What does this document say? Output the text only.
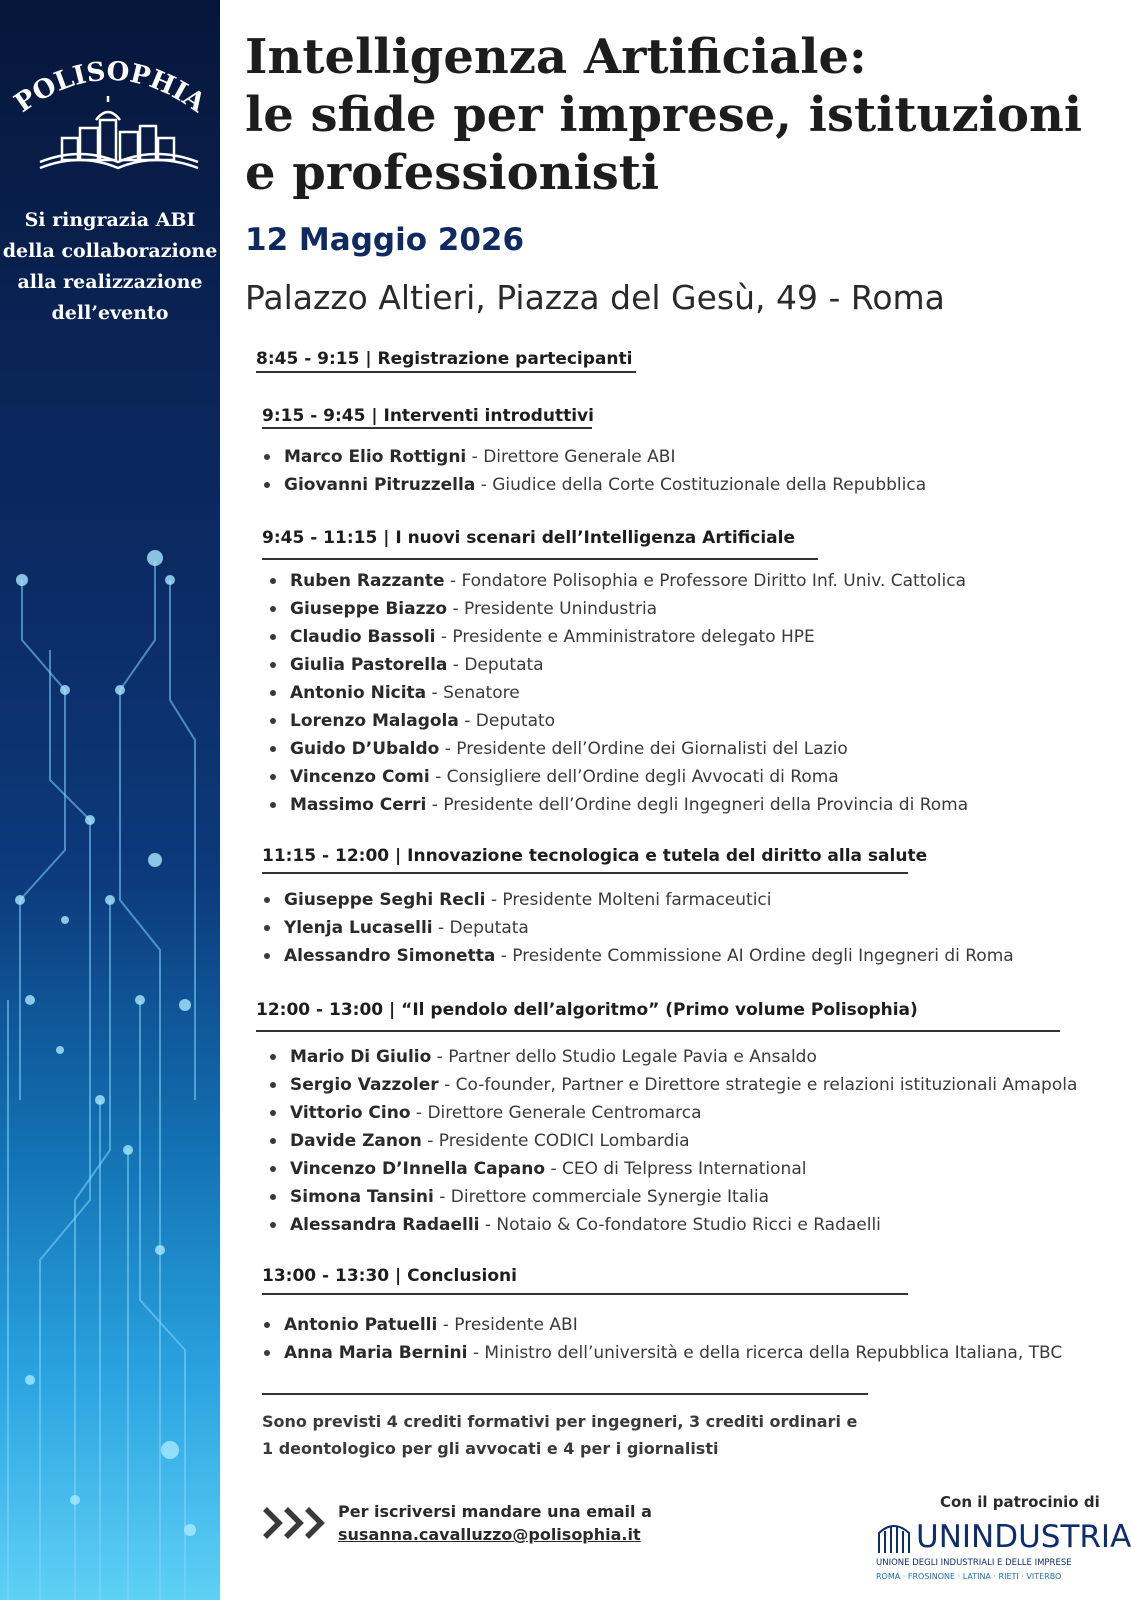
POLISOPHIA
Si ringrazia ABI
della collaborazione
alla realizzazione
dell’evento
Intelligenza Artificiale:
le sfide per imprese, istituzioni
e professionisti
12 Maggio 2026
Palazzo Altieri, Piazza del Gesù, 49 - Roma
8:45 - 9:15 | Registrazione partecipanti
9:15 - 9:45 | Interventi introduttivi
Marco Elio Rottigni - Direttore Generale ABI
Giovanni Pitruzzella - Giudice della Corte Costituzionale della Repubblica
9:45 - 11:15 | I nuovi scenari dell’Intelligenza Artificiale
Ruben Razzante - Fondatore Polisophia e Professore Diritto Inf. Univ. Cattolica
Giuseppe Biazzo - Presidente Unindustria
Claudio Bassoli - Presidente e Amministratore delegato HPE
Giulia Pastorella - Deputata
Antonio Nicita - Senatore
Lorenzo Malagola - Deputato
Guido D’Ubaldo - Presidente dell’Ordine dei Giornalisti del Lazio
Vincenzo Comi - Consigliere dell’Ordine degli Avvocati di Roma
Massimo Cerri - Presidente dell’Ordine degli Ingegneri della Provincia di Roma
11:15 - 12:00 | Innovazione tecnologica e tutela del diritto alla salute
Giuseppe Seghi Recli - Presidente Molteni farmaceutici
Ylenja Lucaselli - Deputata
Alessandro Simonetta - Presidente Commissione AI Ordine degli Ingegneri di Roma
12:00 - 13:00 | “Il pendolo dell’algoritmo” (Primo volume Polisophia)
Mario Di Giulio - Partner dello Studio Legale Pavia e Ansaldo
Sergio Vazzoler - Co-founder, Partner e Direttore strategie e relazioni istituzionali Amapola
Vittorio Cino - Direttore Generale Centromarca
Davide Zanon - Presidente CODICI Lombardia
Vincenzo D’Innella Capano - CEO di Telpress International
Simona Tansini - Direttore commerciale Synergie Italia
Alessandra Radaelli - Notaio & Co-fondatore Studio Ricci e Radaelli
13:00 - 13:30 | Conclusioni
Antonio Patuelli - Presidente ABI
Anna Maria Bernini - Ministro dell’università e della ricerca della Repubblica Italiana, TBC
Sono previsti 4 crediti formativi per ingegneri, 3 crediti ordinari e
1 deontologico per gli avvocati e 4 per i giornalisti
Per iscriversi mandare una email a
susanna.cavalluzzo@polisophia.it
Con il patrocinio di
UNINDUSTRIA
UNIONE DEGLI INDUSTRIALI E DELLE IMPRESE
ROMA · FROSINONE · LATINA · RIETI · VITERBO
